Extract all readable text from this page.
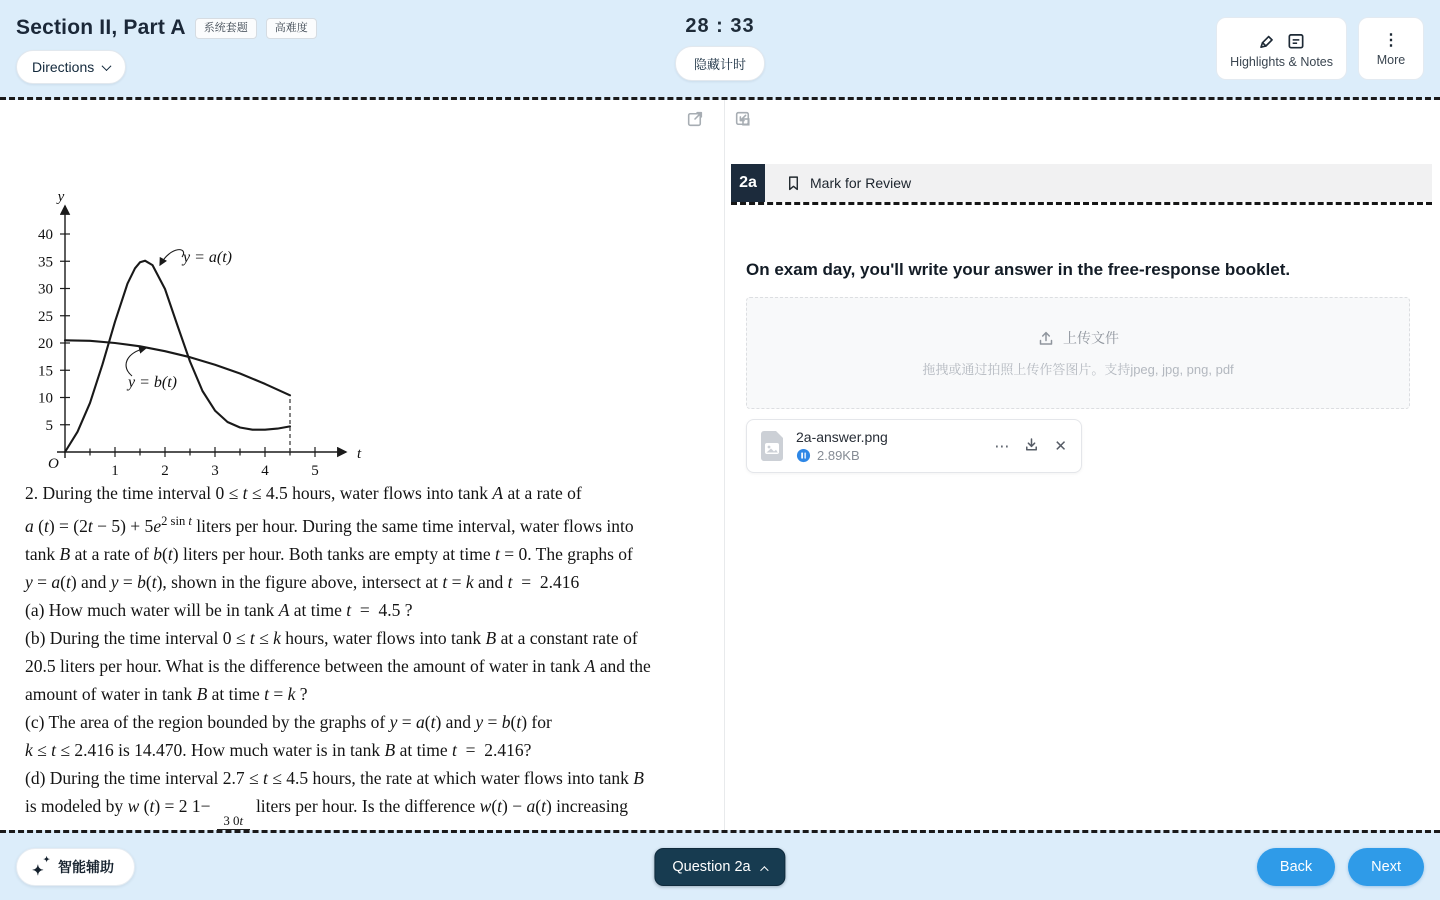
Section II, Part A	系统套题	高难度
Directions
28 : 33
隐藏计时	Highlights & Notes
⋮
More
40
35
30
25
20
15
10
5
1	2	3	4	5
y
t
O
y = a(t)
y = b(t)

2. During the time interval 0 ≤ t ≤ 4.5 hours, water flows into tank A at a rate of

a $(t) = (2t - 5) + 5e^{2 sin t}$ liters per hour. During the same time interval, water flows into

tank B at a rate of b(t) liters per hour. Both tanks are empty at time t = 0. The graphs of

y = a(t) and y = b(t), shown in the figure above, intersect at t = k and t  =  2.416

(a) How much water will be in tank A at time t  =  4.5 ?

(b) During the time interval 0 ≤ t ≤ k hours, water flows into tank B at a constant rate of

20.5 liters per hour. What is the difference between the amount of water in tank A and the

amount of water in tank B at time t = k ?

(c) The area of the region bounded by the graphs of y = a(t) and y = b(t) for

k ≤ t ≤ 2.416 is 14.470. How much water is in tank B at time t  =  2.416?

(d) During the time interval 2.7 ≤ t ≤ 4.5 hours, the rate at which water flows into tank B

is modeled by w (t) = 2 1−
3 0t
liters per hour. Is the difference w(t) − a(t) increasing

2a	Mark for Review

On exam day, you'll write your answer in the free-response booklet.

上传文件
拖拽或通过拍照上传作答图片。支持jpeg, jpg, png, pdf
2a-answer.png
2.89KB
⋯	✕
✦
✦ 智能辅助	Question 2a	Back	Next
